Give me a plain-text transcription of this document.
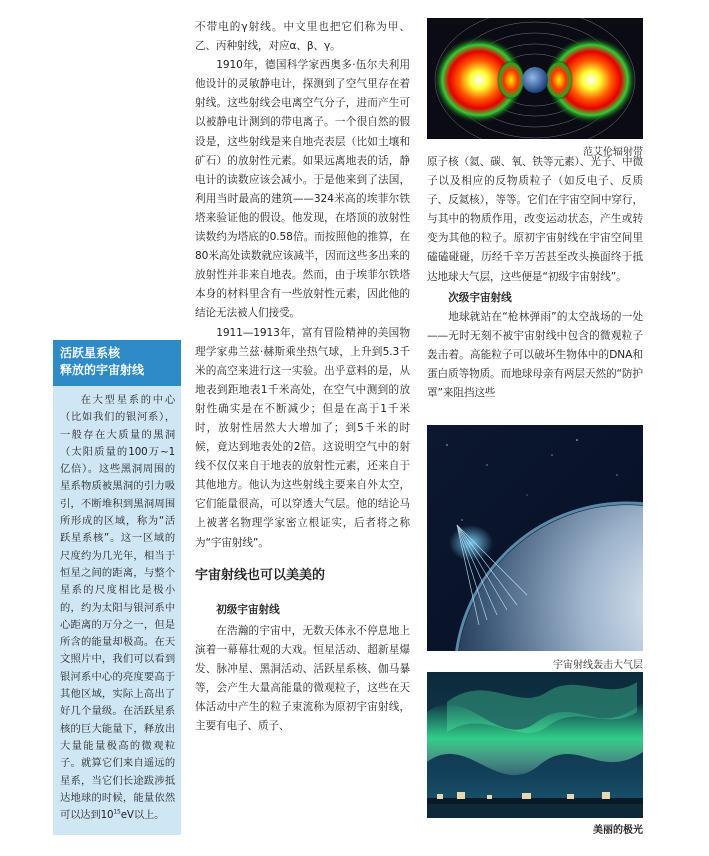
活跃星系核
释放的宇宙射线

在大型星系的中心（比如我们的银河系），一般存在大质量的黑洞（太阳质量的100万~1亿倍）。这些黑洞周围的星系物质被黑洞的引力吸引，不断堆积到黑洞周围所形成的区域，称为“活跃星系核”。这一区域的尺度约为几光年，相当于恒星之间的距离，与整个星系的尺度相比是极小的，约为太阳与银河系中心距离的万分之一，但是所含的能量却极高。在天文照片中，我们可以看到银河系中心的亮度要高于其他区域，实际上高出了好几个量级。在活跃星系核的巨大能量下，释放出大量能量极高的微观粒子。就算它们来自遥远的星系，当它们长途跋涉抵达地球的时候，能量依然可以达到$10^{15}eV$以上。

不带电的γ射线。中文里也把它们称为甲、乙、丙种射线，对应α、β、γ。

1910年，德国科学家西奥多·伍尔夫利用他设计的灵敏静电计，探测到了空气里存在着射线。这些射线会电离空气分子，进而产生可以被静电计测到的带电离子。一个很自然的假设是，这些射线是来自地壳表层（比如土壤和矿石）的放射性元素。如果远离地表的话，静电计的读数应该会减小。于是他来到了法国，利用当时最高的建筑——324米高的埃菲尔铁塔来验证他的假设。他发现，在塔顶的放射性读数约为塔底的0.58倍。而按照他的推算，在80米高处读数就应该减半，因而这些多出来的放射性并非来自地表。然而，由于埃菲尔铁塔本身的材料里含有一些放射性元素，因此他的结论无法被人们接受。

1911—1913年，富有冒险精神的美国物理学家弗兰兹·赫斯乘坐热气球，上升到5.3千米的高空来进行这一实验。出乎意料的是，从地表到距地表1千米高处，在空气中测到的放射性确实是在不断减少；但是在高于1千米时，放射性居然大大增加了；到5千米的时候，竟达到地表处的2倍。这说明空气中的射线不仅仅来自于地表的放射性元素，还来自于其他地方。他认为这些射线主要来自外太空，它们能量很高，可以穿透大气层。他的结论马上被著名物理学家密立根证实，后者将之称为“宇宙射线”。

宇宙射线也可以美美的
初级宇宙射线

在浩瀚的宇宙中，无数天体永不停息地上演着一幕幕壮观的大戏。恒星活动、超新星爆发、脉冲星、黑洞活动、活跃星系核、伽马暴等，会产生大量高能量的微观粒子，这些在天体活动中产生的粒子束流称为原初宇宙射线，主要有电子、质子、

范艾伦辐射带

原子核（氦、碳、氧、铁等元素）、光子、中微子以及相应的反物质粒子（如反电子、反质子、反氦核），等等。它们在宇宙空间中穿行，与其中的物质作用，改变运动状态，产生或转变为其他的粒子。原初宇宙射线在宇宙空间里磕磕碰碰，历经千辛万苦甚至改头换面终于抵达地球大气层，这些便是“初级宇宙射线”。

次级宇宙射线

地球就站在“枪林弹雨”的太空战场的一处——无时无刻不被宇宙射线中包含的微观粒子轰击着。高能粒子可以破坏生物体中的DNA和蛋白质等物质。而地球母亲有两层天然的“防护罩”来阻挡这些

宇宙射线轰击大气层
美丽的极光
